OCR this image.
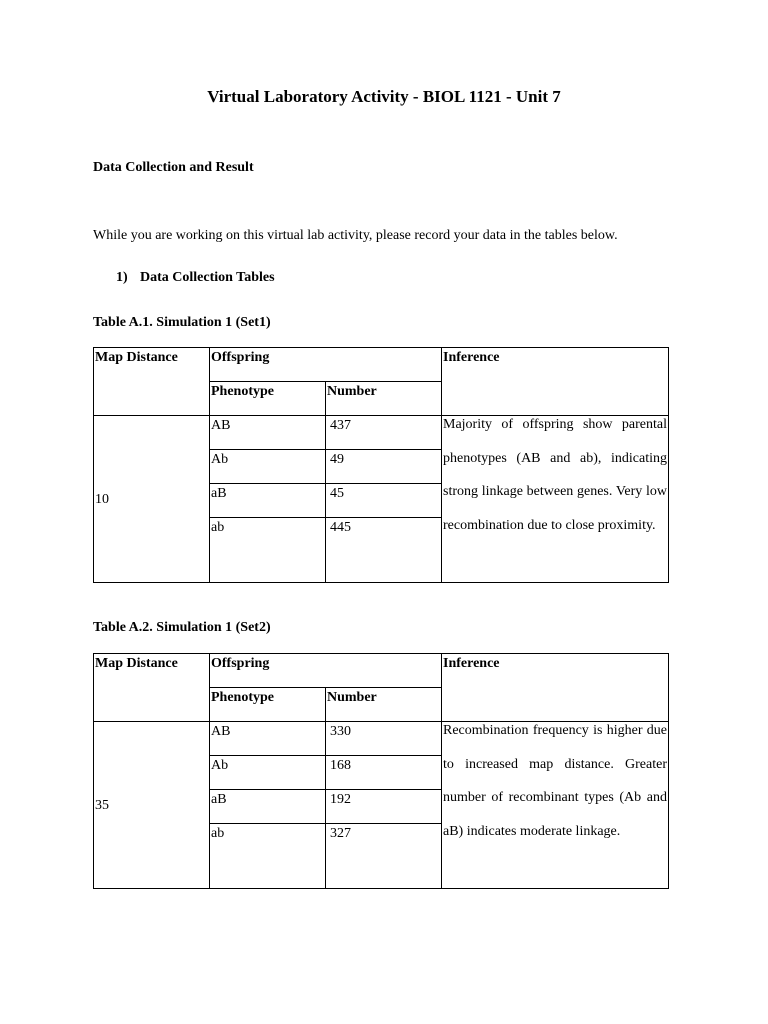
Virtual Laboratory Activity - BIOL 1121 - Unit 7
Data Collection and Result
While you are working on this virtual lab activity, please record your data in the tables below.
1) Data Collection Tables
Table A.1. Simulation 1 (Set1)
Map Distance	Offspring		Inference
	Phenotype	Number	
10	AB	437	Majority of offspring show parental phenotypes (AB and ab), indicating strong linkage between genes. Very low recombination due to close proximity.

	Ab	49	
	aB	45	
	ab	445	
Table A.2. Simulation 1 (Set2)
Map Distance	Offspring		Inference
	Phenotype	Number	
35	AB	330	Recombination frequency is higher due to increased map distance. Greater number of recombinant types (Ab and aB) indicates moderate linkage.

	Ab	168	
	aB	192	
	ab	327	
